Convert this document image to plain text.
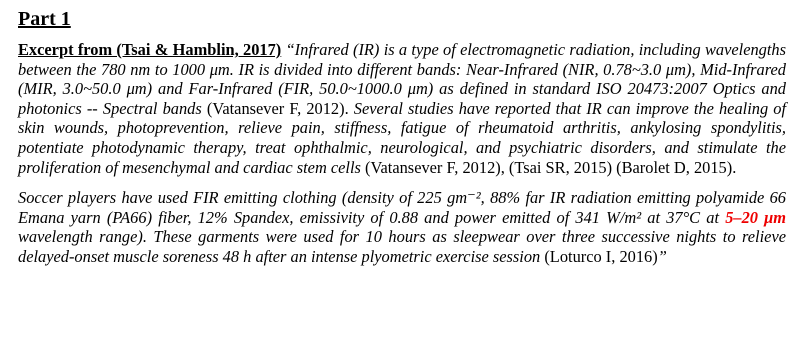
Part 1

Excerpt from (Tsai & Hamblin, 2017) “Infrared (IR) is a type of electromagnetic radiation, including wavelengths between the 780 nm to 1000 μm. IR is divided into different bands: Near-Infrared (NIR, 0.78~3.0 μm), Mid-Infrared (MIR, 3.0~50.0 μm) and Far-Infrared (FIR, 50.0~1000.0 μm) as defined in standard ISO 20473:2007 Optics and photonics -- Spectral bands (Vatansever F, 2012). Several studies have reported that IR can improve the healing of skin wounds, photoprevention, relieve pain, stiffness, fatigue of rheumatoid arthritis, ankylosing spondylitis, potentiate photodynamic therapy, treat ophthalmic, neurological, and psychiatric disorders, and stimulate the proliferation of mesenchymal and cardiac stem cells (Vatansever F, 2012), (Tsai SR, 2015) (Barolet D, 2015).

Soccer players have used FIR emitting clothing (density of 225 gm⁻², 88% far IR radiation emitting polyamide 66 Emana yarn (PA66) fiber, 12% Spandex, emissivity of 0.88 and power emitted of 341 W/m² at 37°C at 5–20 μm wavelength range). These garments were used for 10 hours as sleepwear over three successive nights to relieve delayed-onset muscle soreness 48 h after an intense plyometric exercise session (Loturco I, 2016)”
